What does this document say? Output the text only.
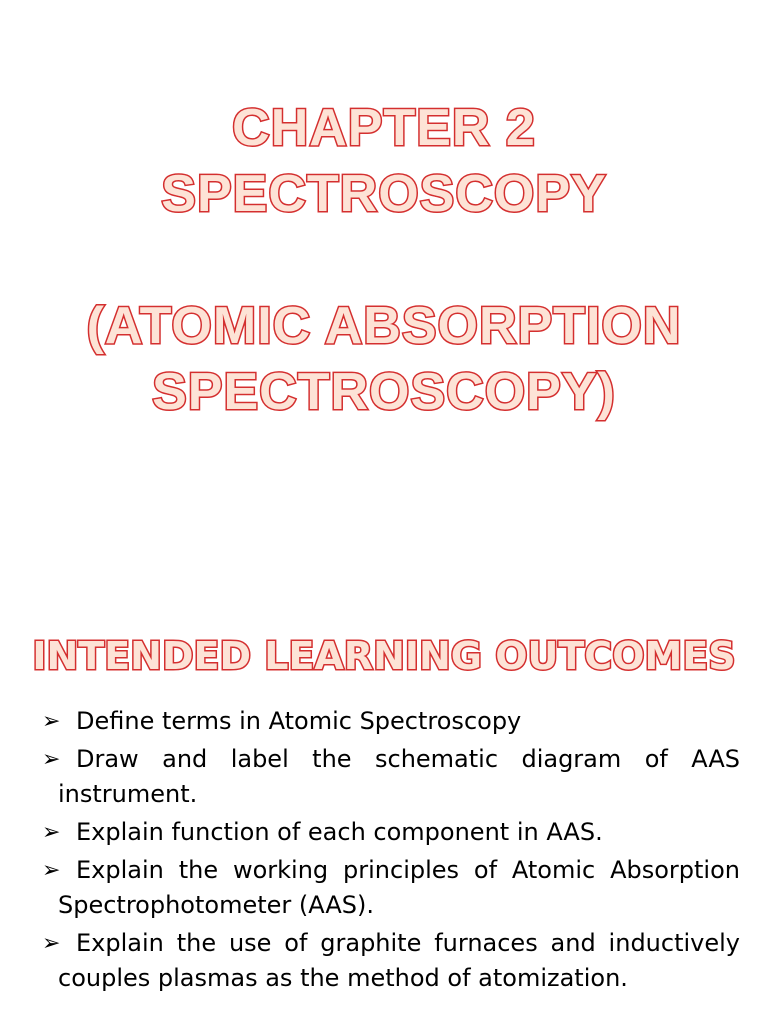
CHAPTER 2
SPECTROSCOPY
(ATOMIC ABSORPTION
SPECTROSCOPY)
INTENDED LEARNING OUTCOMES
➢ Define terms in Atomic Spectroscopy
➢ Draw and label the schematic diagram of AAS instrument.
➢ Explain function of each component in AAS.
➢ Explain the working principles of Atomic Absorption Spectrophotometer (AAS).
➢ Explain the use of graphite furnaces and inductively couples plasmas as the method of atomization.
